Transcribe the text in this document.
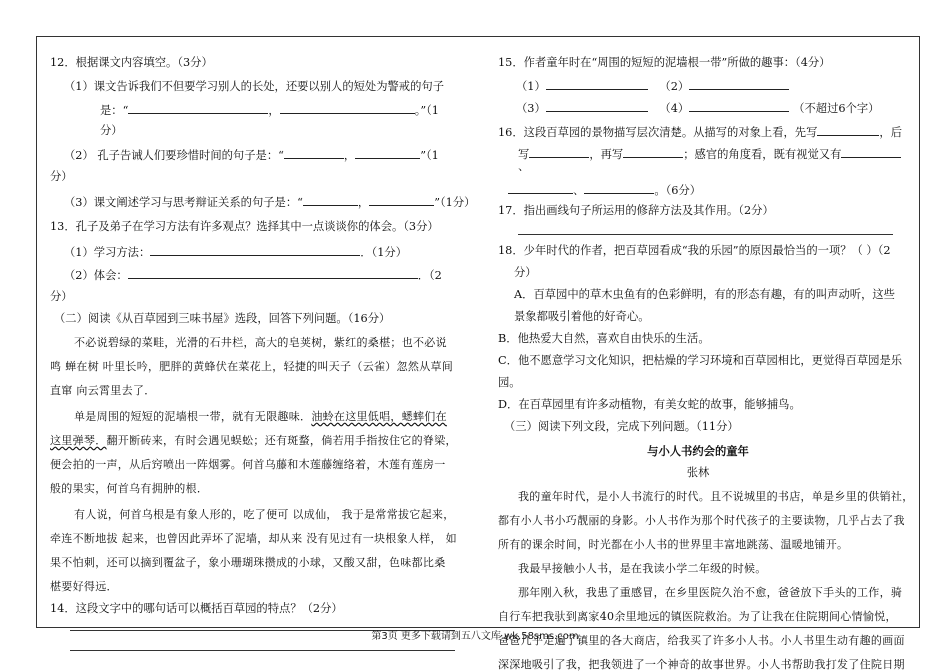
12．根据课文内容填空。（3分）
（1）课文告诉我们不但要学习别人的长处，还要以别人的短处为警戒的句子
是：“	，	。”（1
分）
（2） 孔子告诫人们要珍惜时间的句子是：“	，	”（1
分）
（3）课文阐述学习与思考辩证关系的句子是：“	，	”（1分）
13．孔子及弟子在学习方法有许多观点？选择其中一点谈谈你的体会。（3分）
（1）学习方法：	．（1分）
（2）体会：	．（2
分）
（二）阅读《从百草园到三味书屋》选段，回答下列问题。（16分）
不必说碧绿的菜畦，光滑的石井栏，高大的皂荚树，紫红的桑椹；也不必说
鸣 蝉在树 叶里长吟，肥胖的黄蜂伏在菜花上，轻捷的叫天子（云雀）忽然从草间
直窜 向云霄里去了．
单是周围的短短的泥墙根一带，就有无限趣味．油蛉在这里低唱，蟋蟀们在
这里弹琴．翻开断砖来，有时会遇见蜈蚣；还有斑蝥，倘若用手指按住它的脊梁，
便会拍的一声，从后窍喷出一阵烟雾。何首乌藤和木莲藤缠络着，木莲有莲房一
般的果实，何首乌有拥肿的根．
有人说，何首乌根是有象人形的，吃了便可 以成仙， 我于是常常拔它起来，
牵连不断地拔 起来，也曾因此弄坏了泥墙，却从来 没有见过有一块根象人样， 如
果不怕刺，还可以摘到覆盆子，象小珊瑚珠攒成的小球，又酸又甜，色味都比桑
椹要好得远．
14．这段文字中的哪句话可以概括百草园的特点？（2分）
15．作者童年时在“周围的短短的泥墙根一带”所做的趣事：（4分）
（1）	（2）
（3）	（4）	（不超过6个字）
16．这段百草园的景物描写层次清楚。从描写的对象上看，先写	，后
写	，再写	；感官的角度看，既有视觉又有
、
、	。（6分）
17．指出画线句子所运用的修辞方法及其作用。（2分）
18．少年时代的作者，把百草园看成“我的乐园”的原因最恰当的一项？（ ）（2
分）
A．百草园中的草木虫鱼有的色彩鲜明，有的形态有趣，有的叫声动听，这些
景象都吸引着他的好奇心。
B．他热爱大自然，喜欢自由快乐的生活。
C．他不愿意学习文化知识，把枯燥的学习环境和百草园相比，更觉得百草园是乐
园。
D．在百草园里有许多动植物，有美女蛇的故事，能够捕鸟。
（三）阅读下列文段，完成下列问题。（11分）
与小人书约会的童年
张林
我的童年时代，是小人书流行的时代。且不说城里的书店，单是乡里的供销社，
都有小人书小巧靓丽的身影。小人书作为那个时代孩子的主要读物，几乎占去了我
所有的课余时间，时光都在小人书的世界里丰富地跳荡、温暖地铺开。
我最早接触小人书，是在我读小学二年级的时候。
那年刚入秋，我患了重感冒，在乡里医院久治不愈，爸爸放下手头的工作，骑
自行车把我驮到离家40余里地远的镇医院救治。为了让我在住院期间心情愉悦，
爸爸几乎走遍了镇里的各大商店，给我买了许多小人书。小人书里生动有趣的画面
深深地吸引了我，把我领进了一个神奇的故事世界。小人书帮助我打发了住院日期
第3页 更多下载请到五八文库 wk.58sms.com
